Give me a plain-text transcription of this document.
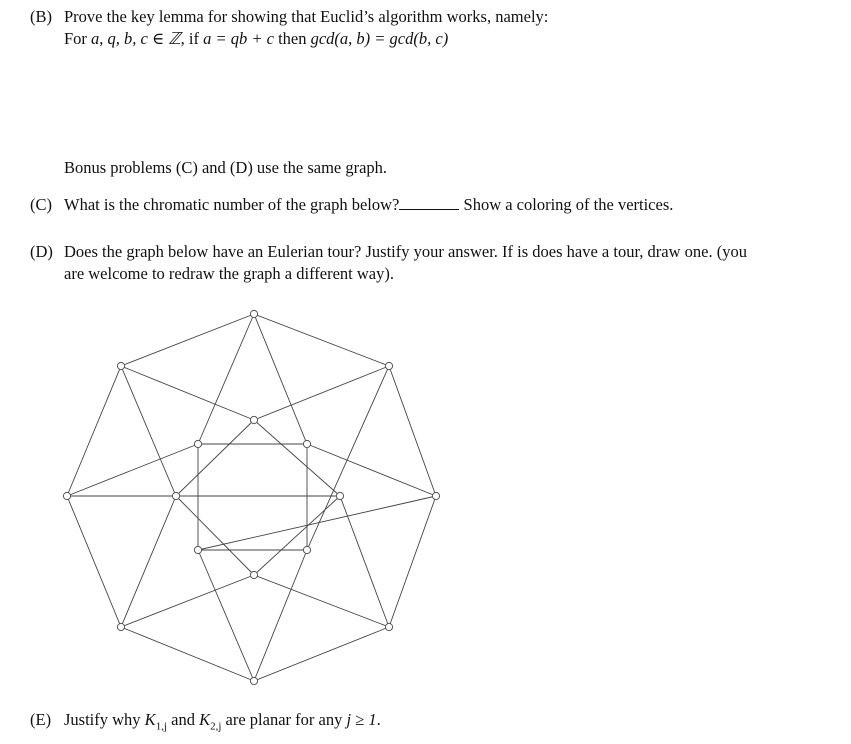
(B) Prove the key lemma for showing that Euclid’s algorithm works, namely:
For a, q, b, c ∈ ℤ, if a = qb + c then gcd(a, b) = gcd(b, c)
Bonus problems (C) and (D) use the same graph.
(C) What is the chromatic number of the graph below?	Show a coloring of the vertices.
(D) Does the graph below have an Eulerian tour? Justify your answer. If is does have a tour, draw one. (you
are welcome to redraw the graph a different way).
(E) Justify why $K_{1,j}$ and $K_{2,j}$ are planar for any j ≥ 1.
